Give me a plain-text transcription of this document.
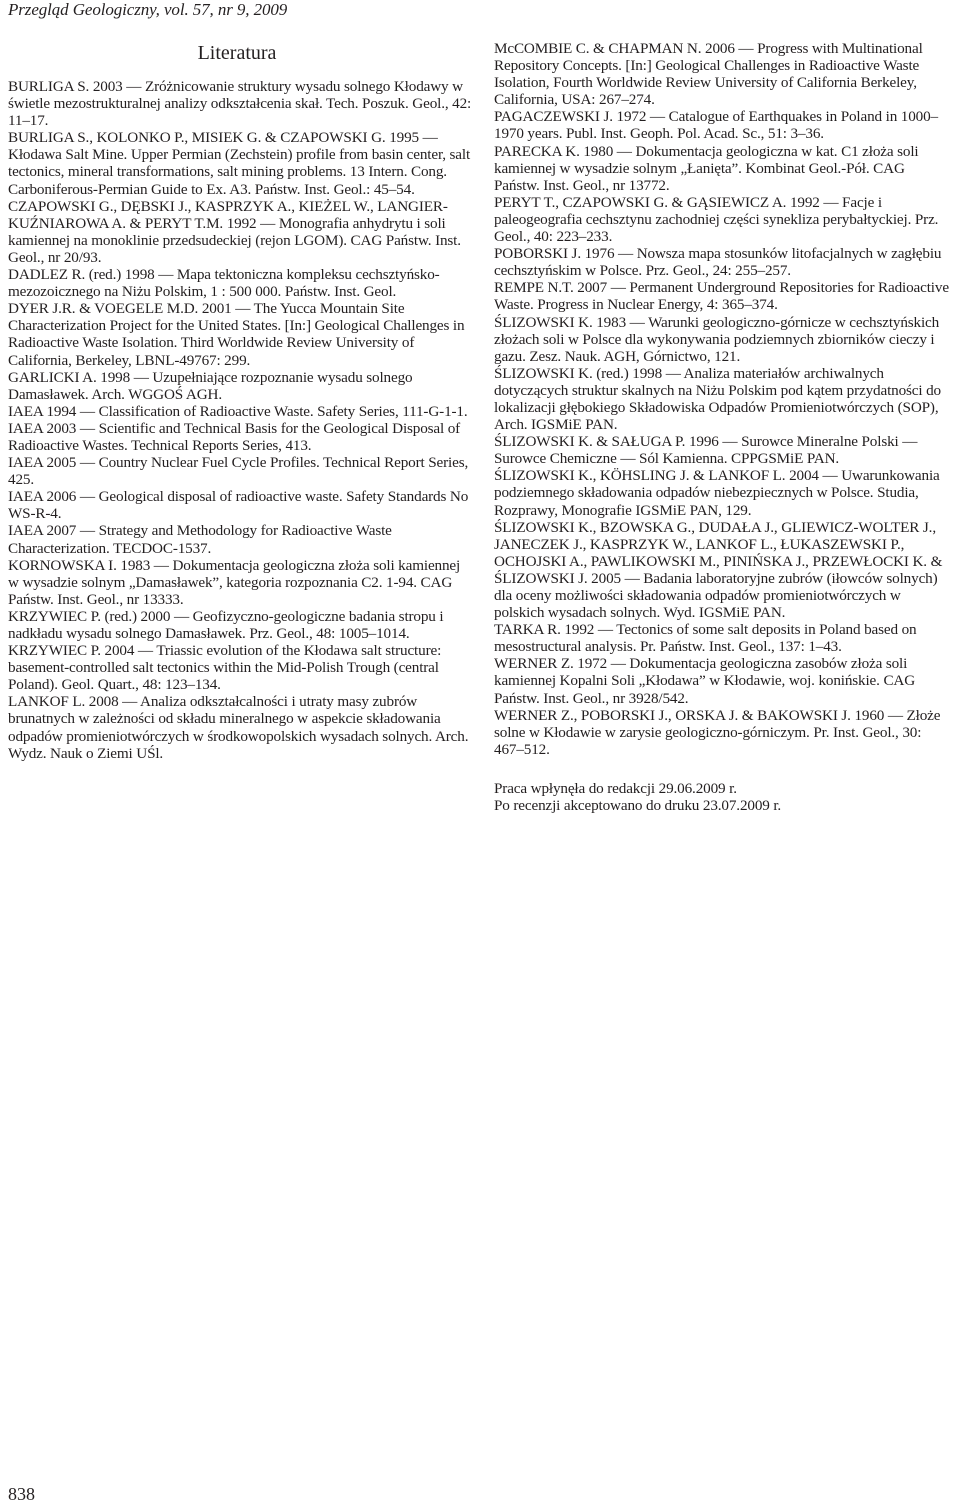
Przegląd Geologiczny, vol. 57, nr 9, 2009
Literatura

BURLIGA S. 2003 — Zróżnicowanie struktury wysadu solnego Kłodawy w świetle mezostrukturalnej analizy odkształcenia skał. Tech. Poszuk. Geol., 42: 11–17.

BURLIGA S., KOLONKO P., MISIEK G. & CZAPOWSKI G. 1995 — Kłodawa Salt Mine. Upper Permian (Zechstein) profile from basin center, salt tectonics, mineral transformations, salt mining problems. 13 Intern. Cong. Carboniferous-Permian Guide to Ex. A3. Państw. Inst. Geol.: 45–54.

CZAPOWSKI G., DĘBSKI J., KASPRZYK A., KIEŻEL W., LANGIER-KUŹNIAROWA A. & PERYT T.M. 1992 — Monografia anhydrytu i soli kamiennej na monoklinie przedsudeckiej (rejon LGOM). CAG Państw. Inst. Geol., nr 20/93.

DADLEZ R. (red.) 1998 — Mapa tektoniczna kompleksu cechsztyńsko-mezozoicznego na Niżu Polskim, 1 : 500 000. Państw. Inst. Geol.

DYER J.R. & VOEGELE M.D. 2001 — The Yucca Mountain Site Characterization Project for the United States. [In:] Geological Challenges in Radioactive Waste Isolation. Third Worldwide Review University of California, Berkeley, LBNL-49767: 299.

GARLICKI A. 1998 — Uzupełniające rozpoznanie wysadu solnego Damasławek. Arch. WGGOŚ AGH.

IAEA 1994 — Classification of Radioactive Waste. Safety Series, 111-G-1-1.

IAEA 2003 — Scientific and Technical Basis for the Geological Disposal of Radioactive Wastes. Technical Reports Series, 413.

IAEA 2005 — Country Nuclear Fuel Cycle Profiles. Technical Report Series, 425.

IAEA 2006 — Geological disposal of radioactive waste. Safety Standards No WS-R-4.

IAEA 2007 — Strategy and Methodology for Radioactive Waste Characterization. TECDOC-1537.

KORNOWSKA I. 1983 — Dokumentacja geologiczna złoża soli kamiennej w wysadzie solnym „Damasławek”, kategoria rozpoznania C2. 1-94. CAG Państw. Inst. Geol., nr 13333.

KRZYWIEC P. (red.) 2000 — Geofizyczno-geologiczne badania stropu i nadkładu wysadu solnego Damasławek. Prz. Geol., 48: 1005–1014.

KRZYWIEC P. 2004 — Triassic evolution of the Kłodawa salt structure: basement-controlled salt tectonics within the Mid-Polish Trough (central Poland). Geol. Quart., 48: 123–134.

LANKOF L. 2008 — Analiza odkształcalności i utraty masy zubrów brunatnych w zależności od składu mineralnego w aspekcie składowania odpadów promieniotwórczych w środkowopolskich wysadach solnych. Arch. Wydz. Nauk o Ziemi UŚl.

McCOMBIE C. & CHAPMAN N. 2006 — Progress with Multinational Repository Concepts. [In:] Geological Challenges in Radioactive Waste Isolation, Fourth Worldwide Review University of California Berkeley, California, USA: 267–274.

PAGACZEWSKI J. 1972 — Catalogue of Earthquakes in Poland in 1000–1970 years. Publ. Inst. Geoph. Pol. Acad. Sc., 51: 3–36.

PARECKA K. 1980 — Dokumentacja geologiczna w kat. C1 złoża soli kamiennej w wysadzie solnym „Łanięta”. Kombinat Geol.-Pół. CAG Państw. Inst. Geol., nr 13772.

PERYT T., CZAPOWSKI G. & GĄSIEWICZ A. 1992 — Facje i paleogeografia cechsztynu zachodniej części synekliza perybałtyckiej. Prz. Geol., 40: 223–233.

POBORSKI J. 1976 — Nowsza mapa stosunków litofacjalnych w zagłębiu cechsztyńskim w Polsce. Prz. Geol., 24: 255–257.

REMPE N.T. 2007 — Permanent Underground Repositories for Radioactive Waste. Progress in Nuclear Energy, 4: 365–374.

ŚLIZOWSKI K. 1983 — Warunki geologiczno-górnicze w cechsztyńskich złożach soli w Polsce dla wykonywania podziemnych zbiorników cieczy i gazu. Zesz. Nauk. AGH, Górnictwo, 121.

ŚLIZOWSKI K. (red.) 1998 — Analiza materiałów archiwalnych dotyczących struktur skalnych na Niżu Polskim pod kątem przydatności do lokalizacji głębokiego Składowiska Odpadów Promieniotwórczych (SOP), Arch. IGSMiE PAN.

ŚLIZOWSKI K. & SAŁUGA P. 1996 — Surowce Mineralne Polski — Surowce Chemiczne — Sól Kamienna. CPPGSMiE PAN.

ŚLIZOWSKI K., KÖHSLING J. & LANKOF L. 2004 — Uwarunkowania podziemnego składowania odpadów niebezpiecznych w Polsce. Studia, Rozprawy, Monografie IGSMiE PAN, 129.

ŚLIZOWSKI K., BZOWSKA G., DUDAŁA J., GLIEWICZ-WOLTER J., JANECZEK J., KASPRZYK W., LANKOF L., ŁUKASZEWSKI P., OCHOJSKI A., PAWLIKOWSKI M., PINIŃSKA J., PRZEWŁOCKI K. & ŚLIZOWSKI J. 2005 — Badania laboratoryjne zubrów (iłowców solnych) dla oceny możliwości składowania odpadów promieniotwórczych w polskich wysadach solnych. Wyd. IGSMiE PAN.

TARKA R. 1992 — Tectonics of some salt deposits in Poland based on mesostructural analysis. Pr. Państw. Inst. Geol., 137: 1–43.

WERNER Z. 1972 — Dokumentacja geologiczna zasobów złoża soli kamiennej Kopalni Soli „Kłodawa” w Kłodawie, woj. konińskie. CAG Państw. Inst. Geol., nr 3928/542.

WERNER Z., POBORSKI J., ORSKA J. & BAKOWSKI J. 1960 — Złoże solne w Kłodawie w zarysie geologiczno-górniczym. Pr. Inst. Geol., 30: 467–512.

Praca wpłynęła do redakcji 29.06.2009 r.

Po recenzji akceptowano do druku 23.07.2009 r.

838
